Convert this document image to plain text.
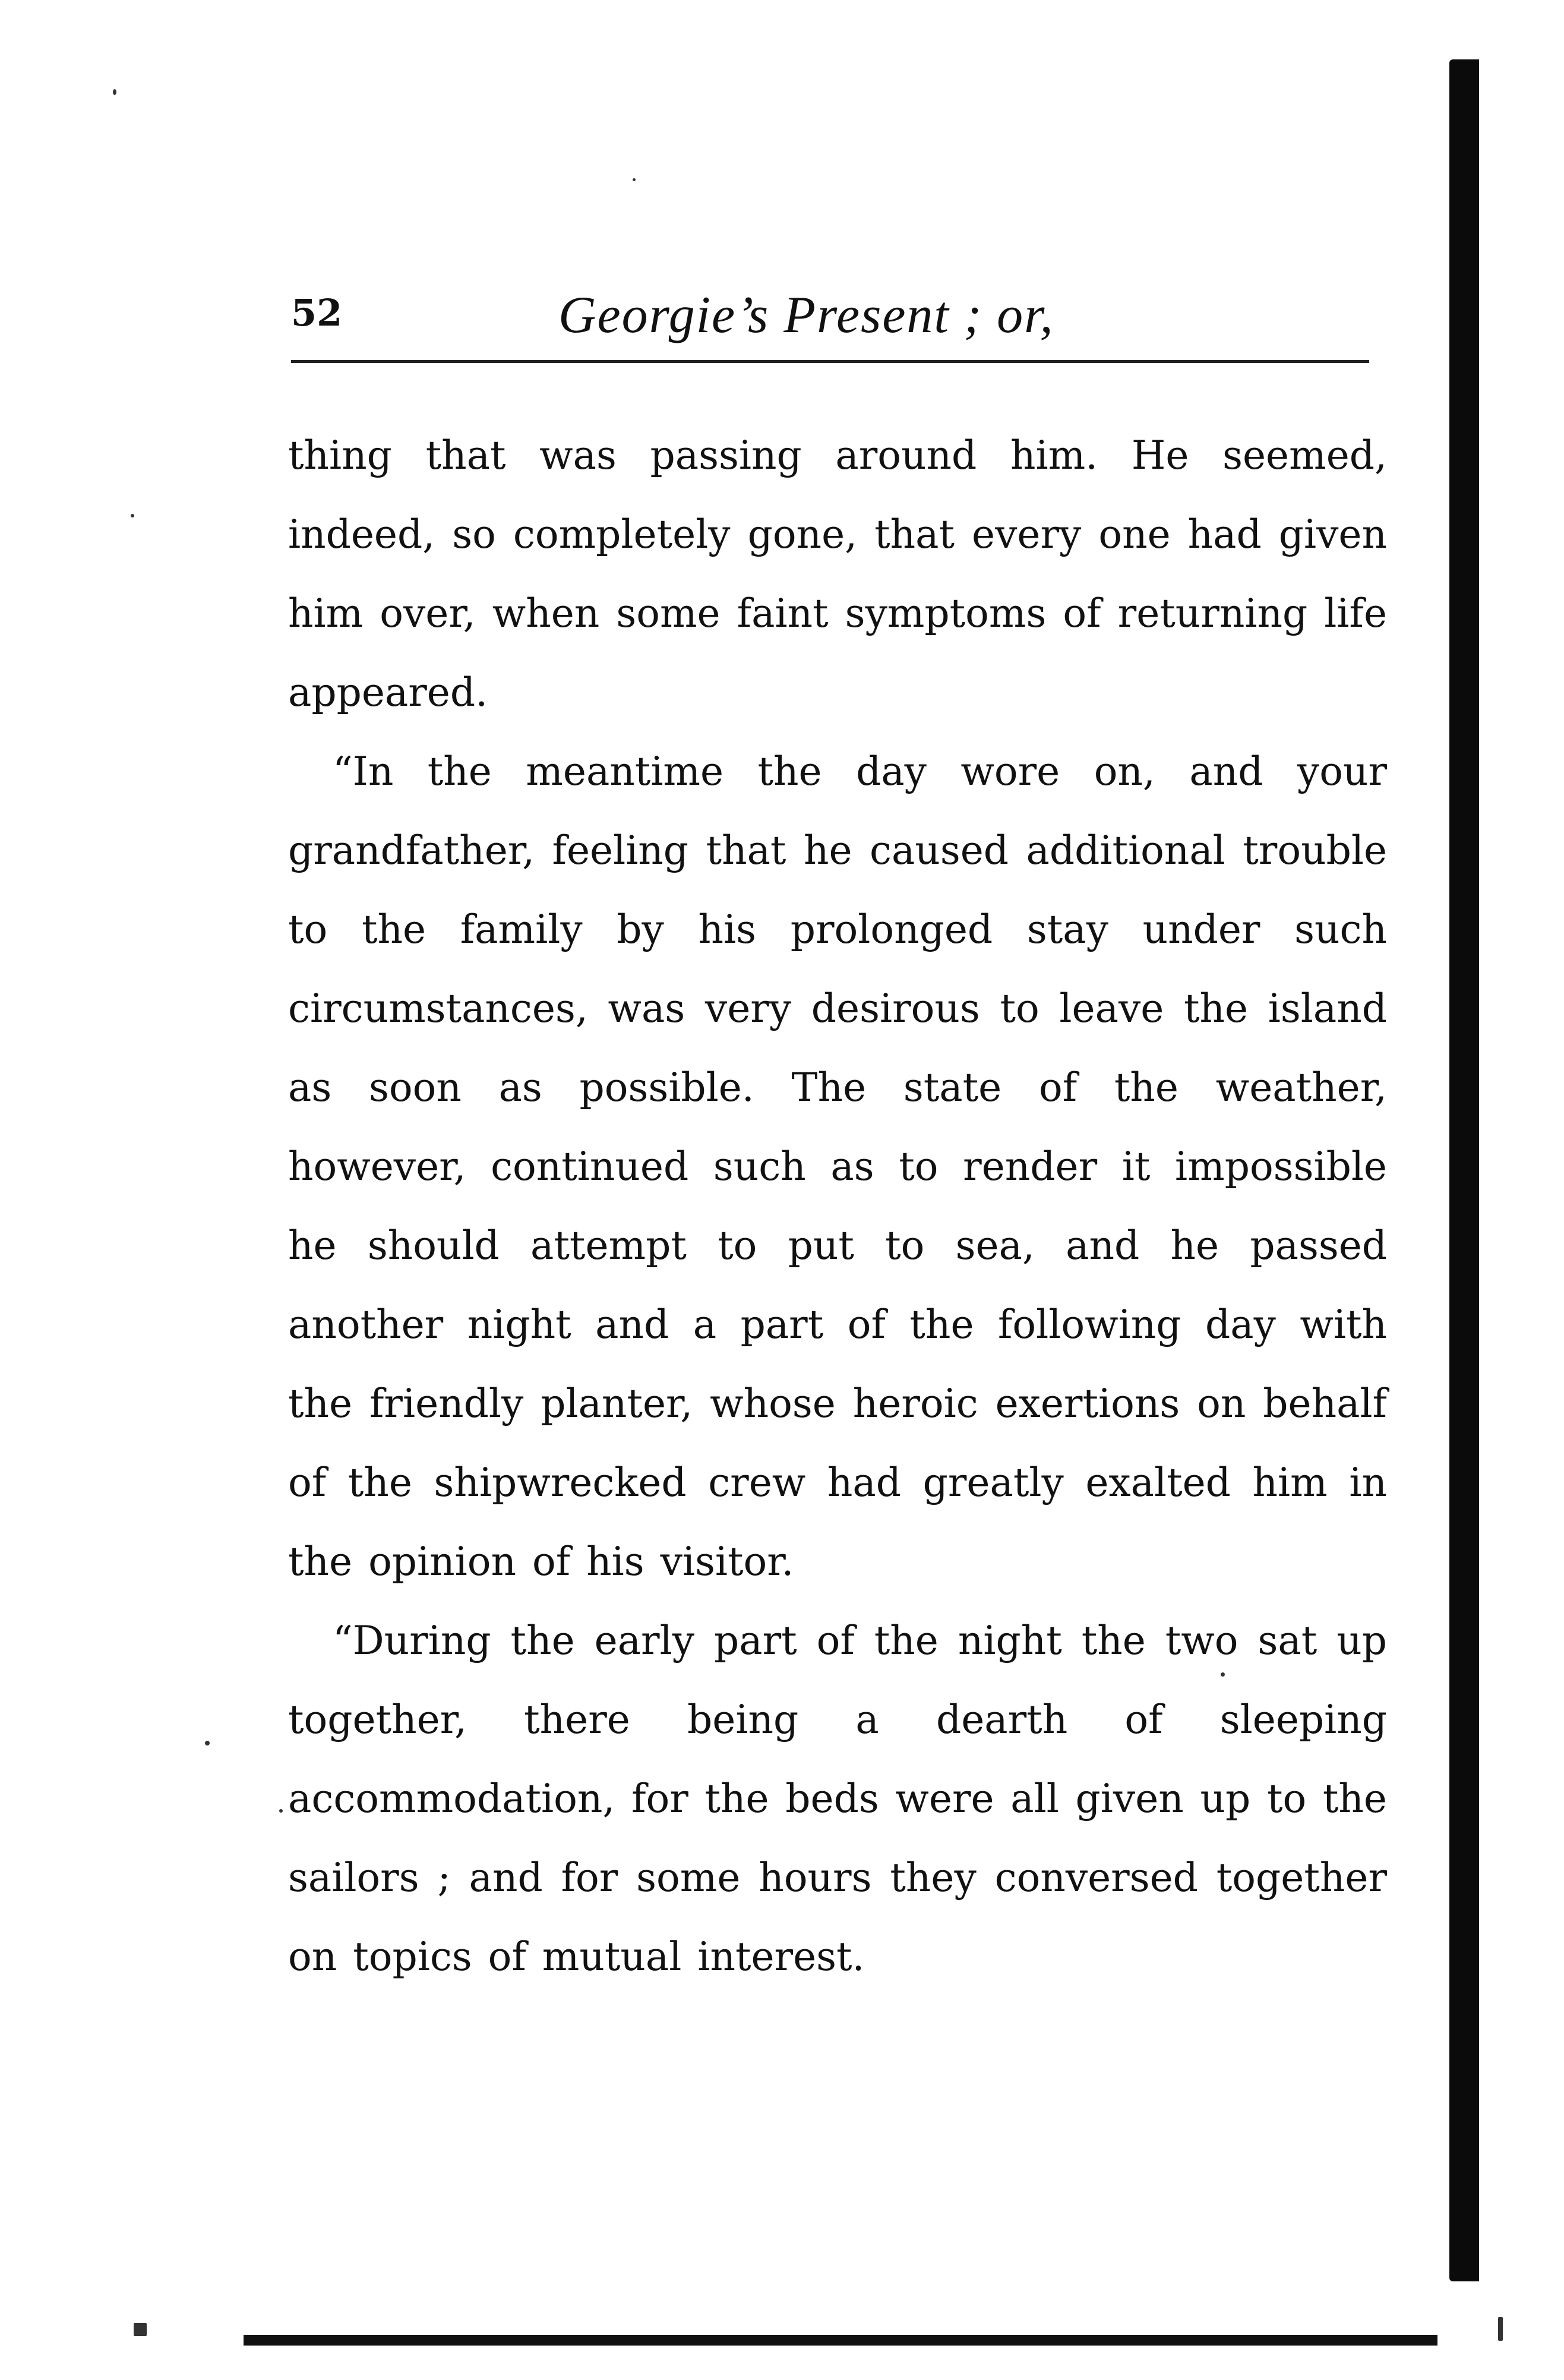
52	Georgie’s Present ; or,

thing that was passing around him. He seemed, indeed, so completely gone, that every one had given him over, when some faint symptoms of returning life appeared.

“In the meantime the day wore on, and your grandfather, feeling that he caused additional trouble to the family by his prolonged stay under such circumstances, was very desirous to leave the island as soon as possible. The state of the weather, however, continued such as to render it impossible he should attempt to put to sea, and he passed another night and a part of the following day with the friendly planter, whose heroic exertions on behalf of the shipwrecked crew had greatly exalted him in the opinion of his visitor.

“During the early part of the night the two sat up together, there being a dearth of sleeping accommodation, for the beds were all given up to the sailors ; and for some hours they conversed together on topics of mutual interest.
